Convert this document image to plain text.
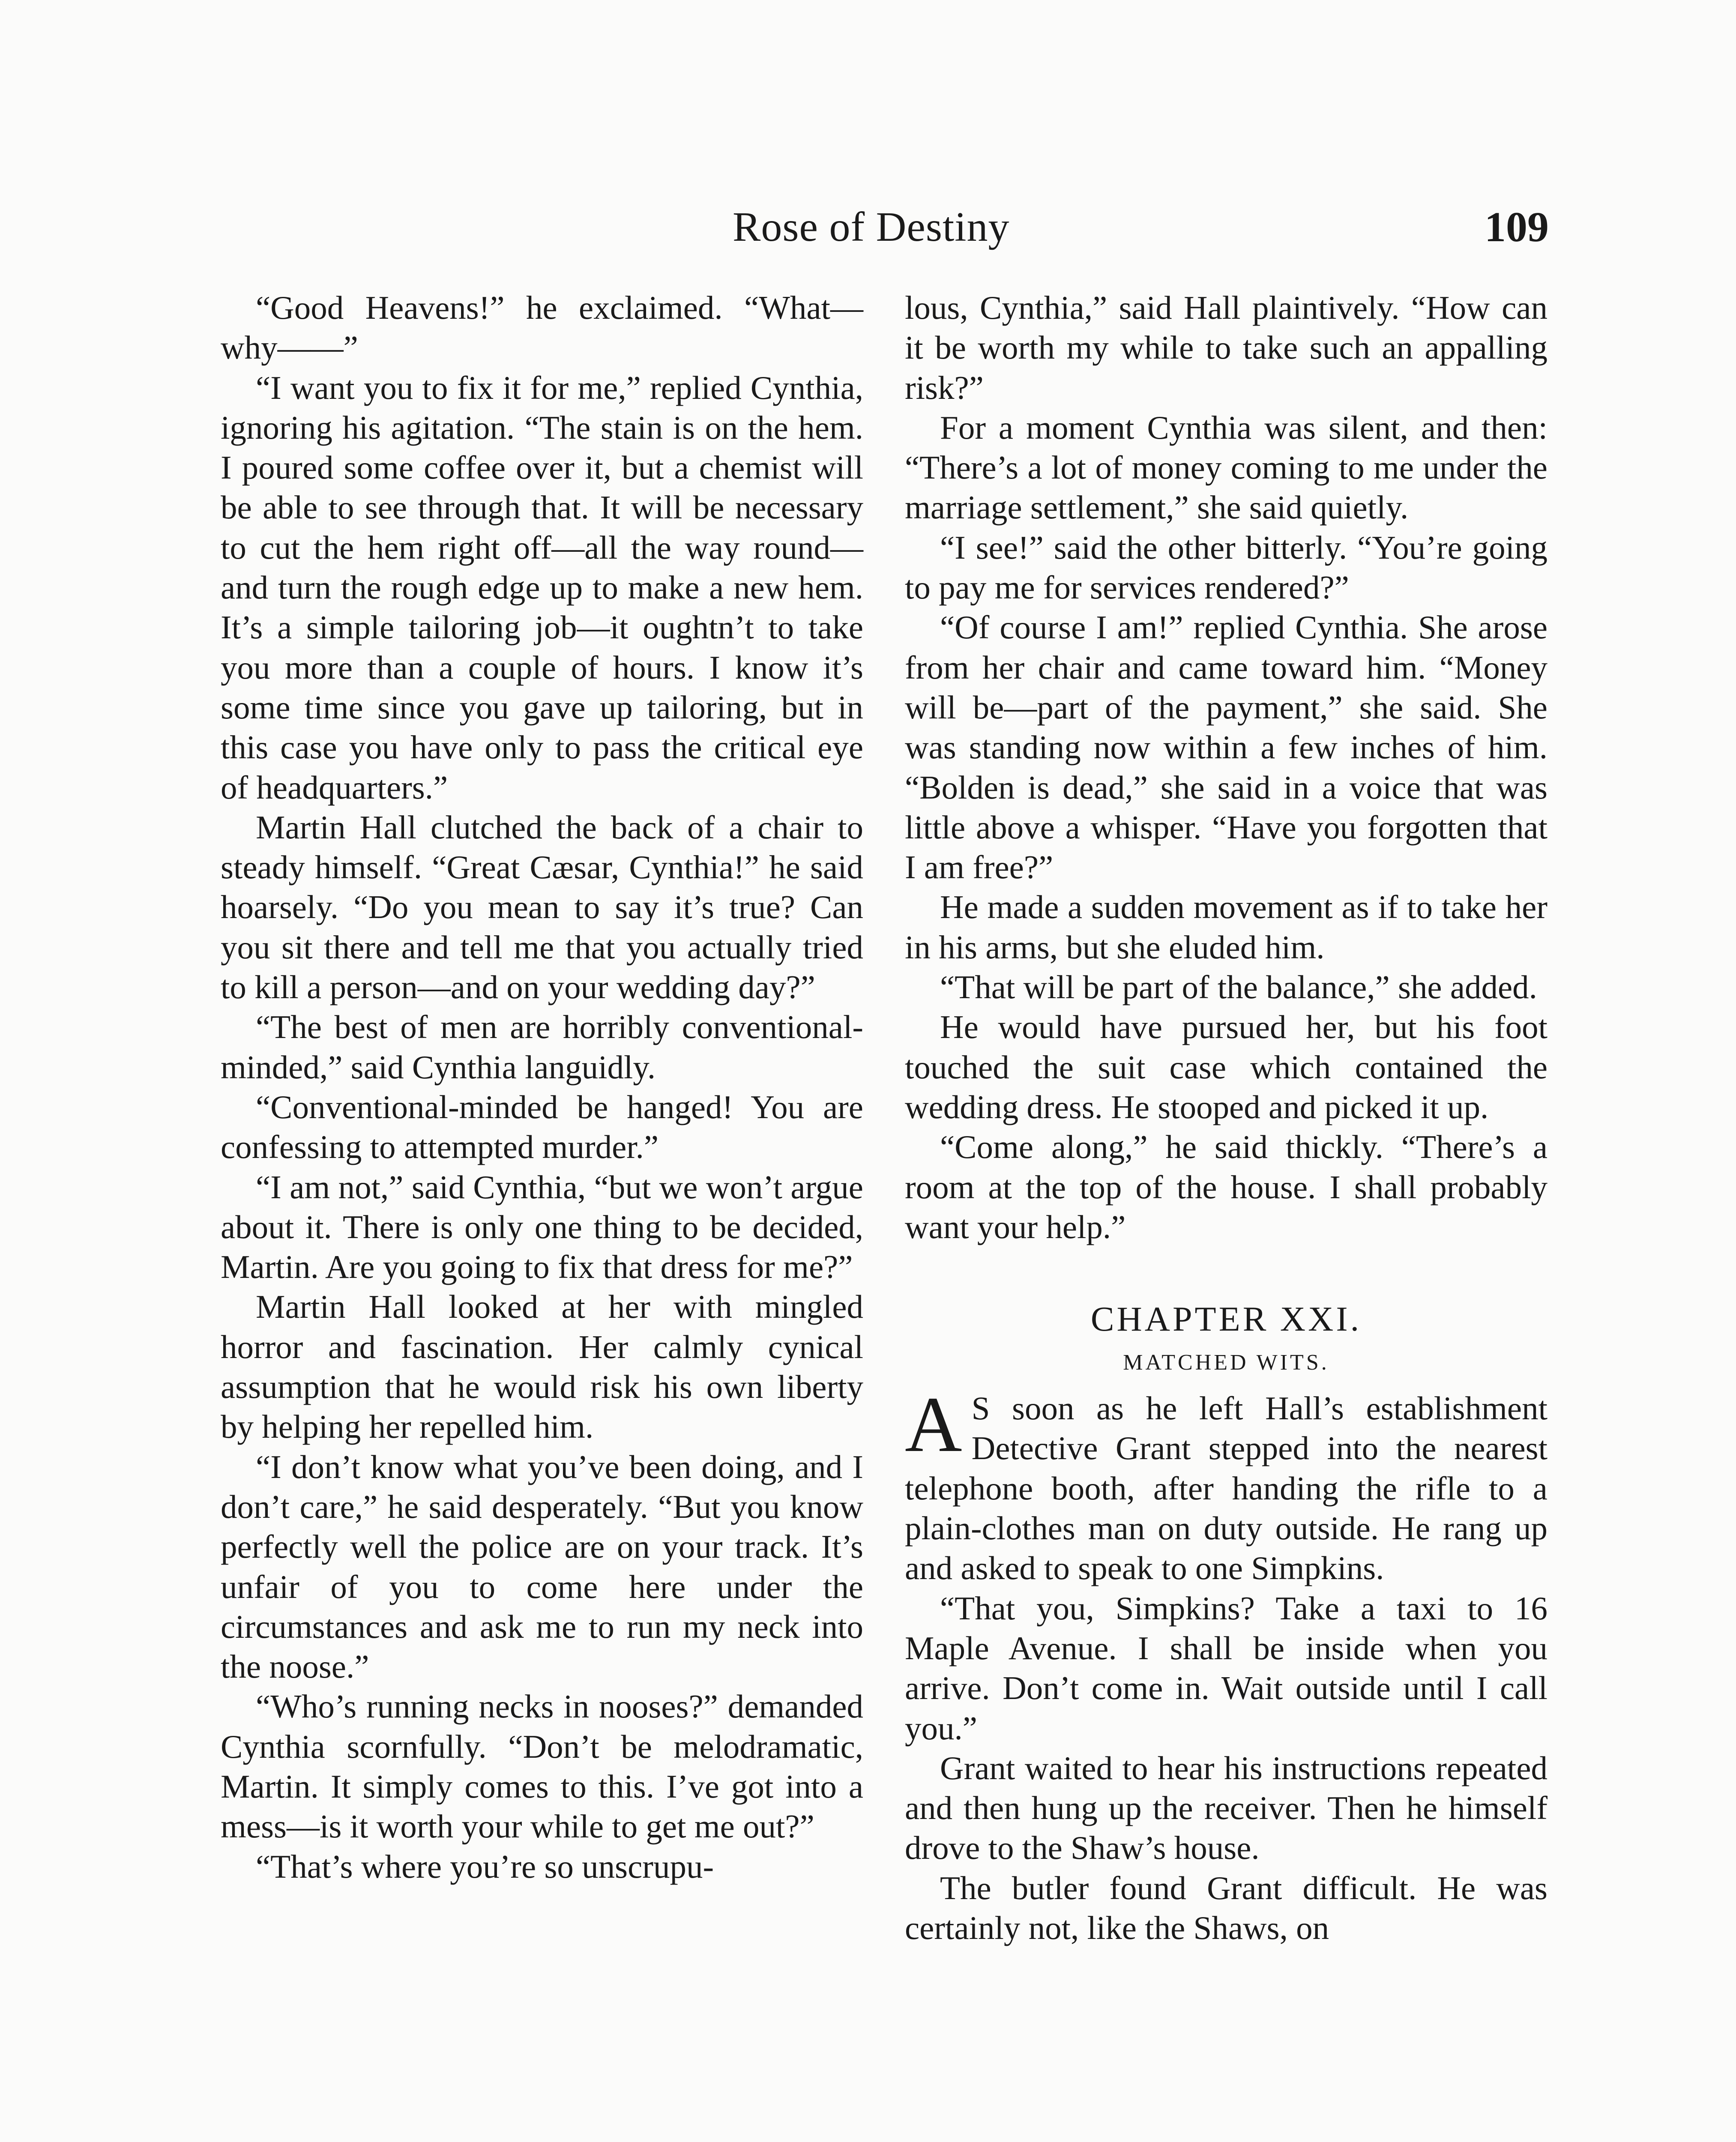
Rose of Destiny	109

“Good Heavens!” he exclaimed. “What—why——”

“I want you to fix it for me,” replied Cynthia, ignoring his agitation. “The stain is on the hem. I poured some coffee over it, but a chemist will be able to see through that. It will be necessary to cut the hem right off—all the way round—and turn the rough edge up to make a new hem. It’s a simple tailoring job—it oughtn’t to take you more than a couple of hours. I know it’s some time since you gave up tailoring, but in this case you have only to pass the critical eye of headquarters.”

Martin Hall clutched the back of a chair to steady himself. “Great Cæsar, Cynthia!” he said hoarsely. “Do you mean to say it’s true? Can you sit there and tell me that you actually tried to kill a person—and on your wedding day?”

“The best of men are horribly conventional-minded,” said Cynthia languidly.

“Conventional-minded be hanged! You are confessing to attempted murder.”

“I am not,” said Cynthia, “but we won’t argue about it. There is only one thing to be decided, Martin. Are you going to fix that dress for me?”

Martin Hall looked at her with mingled horror and fascination. Her calmly cynical assumption that he would risk his own liberty by helping her repelled him.

“I don’t know what you’ve been doing, and I don’t care,” he said desperately. “But you know perfectly well the police are on your track. It’s unfair of you to come here under the circumstances and ask me to run my neck into the noose.”

“Who’s running necks in nooses?” demanded Cynthia scornfully. “Don’t be melodramatic, Martin. It simply comes to this. I’ve got into a mess—is it worth your while to get me out?”

“That’s where you’re so unscrupu-

lous, Cynthia,” said Hall plaintively. “How can it be worth my while to take such an appalling risk?”

For a moment Cynthia was silent, and then: “There’s a lot of money coming to me under the marriage settlement,” she said quietly.

“I see!” said the other bitterly. “You’re going to pay me for services rendered?”

“Of course I am!” replied Cynthia. She arose from her chair and came toward him. “Money will be—part of the payment,” she said. She was standing now within a few inches of him. “Bolden is dead,” she said in a voice that was little above a whisper. “Have you forgotten that I am free?”

He made a sudden movement as if to take her in his arms, but she eluded him.

“That will be part of the balance,” she added.

He would have pursued her, but his foot touched the suit case which contained the wedding dress. He stooped and picked it up.

“Come along,” he said thickly. “There’s a room at the top of the house. I shall probably want your help.”

CHAPTER XXI.

MATCHED WITS.

A S soon as he left Hall’s establishment Detective Grant stepped into the nearest telephone booth, after handing the rifle to a plain-clothes man on duty outside. He rang up and asked to speak to one Simpkins.

“That you, Simpkins? Take a taxi to 16 Maple Avenue. I shall be inside when you arrive. Don’t come in. Wait outside until I call you.”

Grant waited to hear his instructions repeated and then hung up the receiver. Then he himself drove to the Shaw’s house.

The butler found Grant difficult. He was certainly not, like the Shaws, on
